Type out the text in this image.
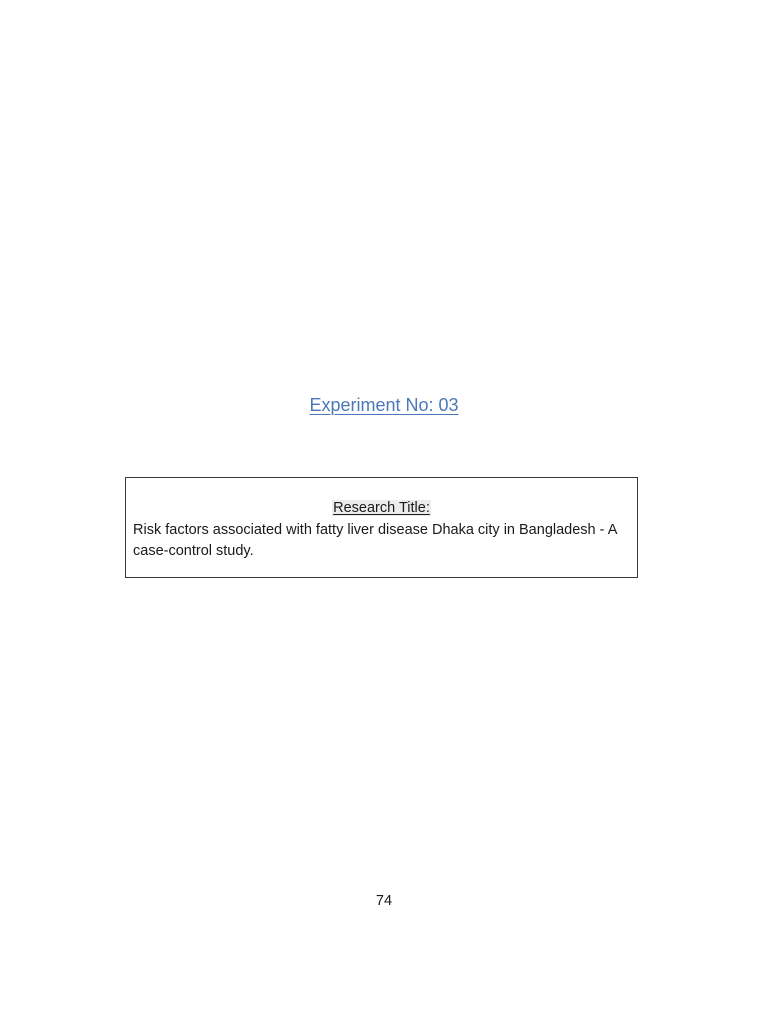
Experiment No: 03
Research Title:

Risk factors associated with fatty liver disease Dhaka city in Bangladesh - A case-control study.

74
